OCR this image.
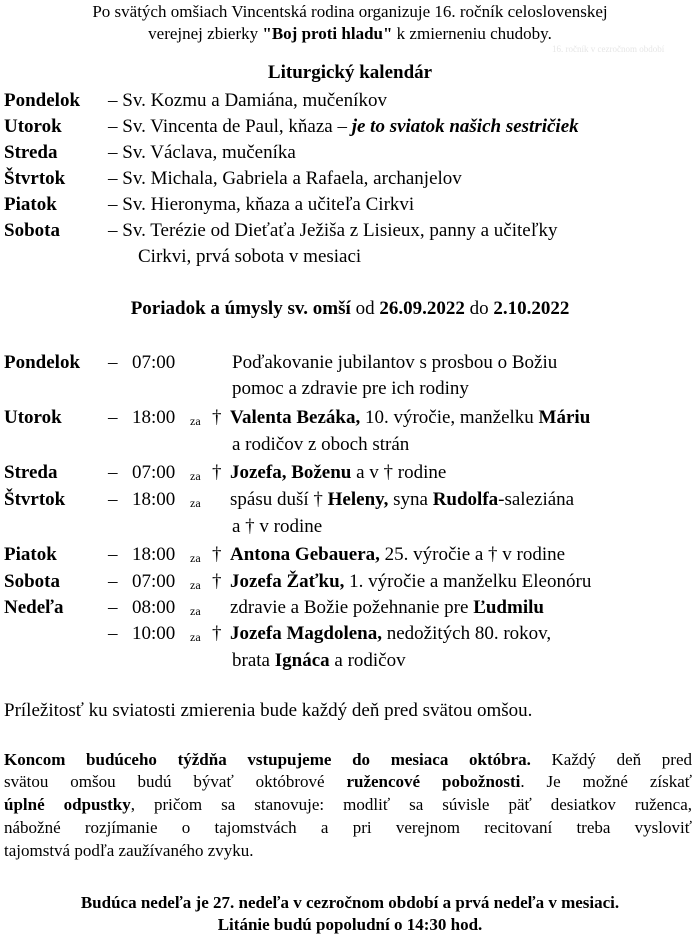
Po svätých omšiach Vincentská rodina organizuje 16. ročník celoslovenskej
verejnej zbierky "Boj proti hladu" k zmierneniu chudoby.
16. ročník v cezročnom období
Liturgický kalendár
Pondelok – Sv. Kozmu a Damiána, mučeníkov
Utorok – Sv. Vincenta de Paul, kňaza – je to sviatok našich sestričiek
Streda	– Sv. Václava, mučeníka
Štvrtok – Sv. Michala, Gabriela a Rafaela, archanjelov
Piatok	– Sv. Hieronyma, kňaza a učiteľa Cirkvi
Sobota	– Sv. Terézie od Dieťaťa Ježiša z Lisieux, panny a učiteľky
Cirkvi, prvá sobota v mesiaci
Poriadok a úmysly sv. omší od 26.09.2022 do 2.10.2022
Pondelok – 07:00	Poďakovanie jubilantov s prosbou o Božiu
pomoc a zdravie pre ich rodiny
Utorok – 18:00 za † Valenta Bezáka, 10. výročie, manželku Máriu
a rodičov z oboch strán
Streda	– 07:00 za † Jozefa, Boženu a v † rodine
Štvrtok – 18:00 za spásu duší † Heleny, syna Rudolfa-saleziána
a † v rodine
Piatok	– 18:00 za † Antona Gebauera, 25. výročie a † v rodine
Sobota	– 07:00 za † Jozefa Žaťku, 1. výročie a manželku Eleonóru
Nedeľa – 08:00 za zdravie a Božie požehnanie pre Ľudmilu
– 10:00 za † Jozefa Magdolena, nedožitých 80. rokov,
brata Ignáca a rodičov
Príležitosť ku sviatosti zmierenia bude každý deň pred svätou omšou.
Koncom budúceho týždňa vstupujeme do mesiaca októbra. Každý deň pred
svätou omšou budú bývať októbrové ružencové pobožnosti. Je možné získať
úplné odpustky, pričom sa stanovuje: modliť sa súvisle päť desiatkov ruženca,
nábožné rozjímanie o tajomstvách a pri verejnom recitovaní treba vysloviť
tajomstvá podľa zaužívaného zvyku.
Budúca nedeľa je 27. nedeľa v cezročnom období a prvá nedeľa v mesiaci.
Litánie budú popoludní o 14:30 hod.
